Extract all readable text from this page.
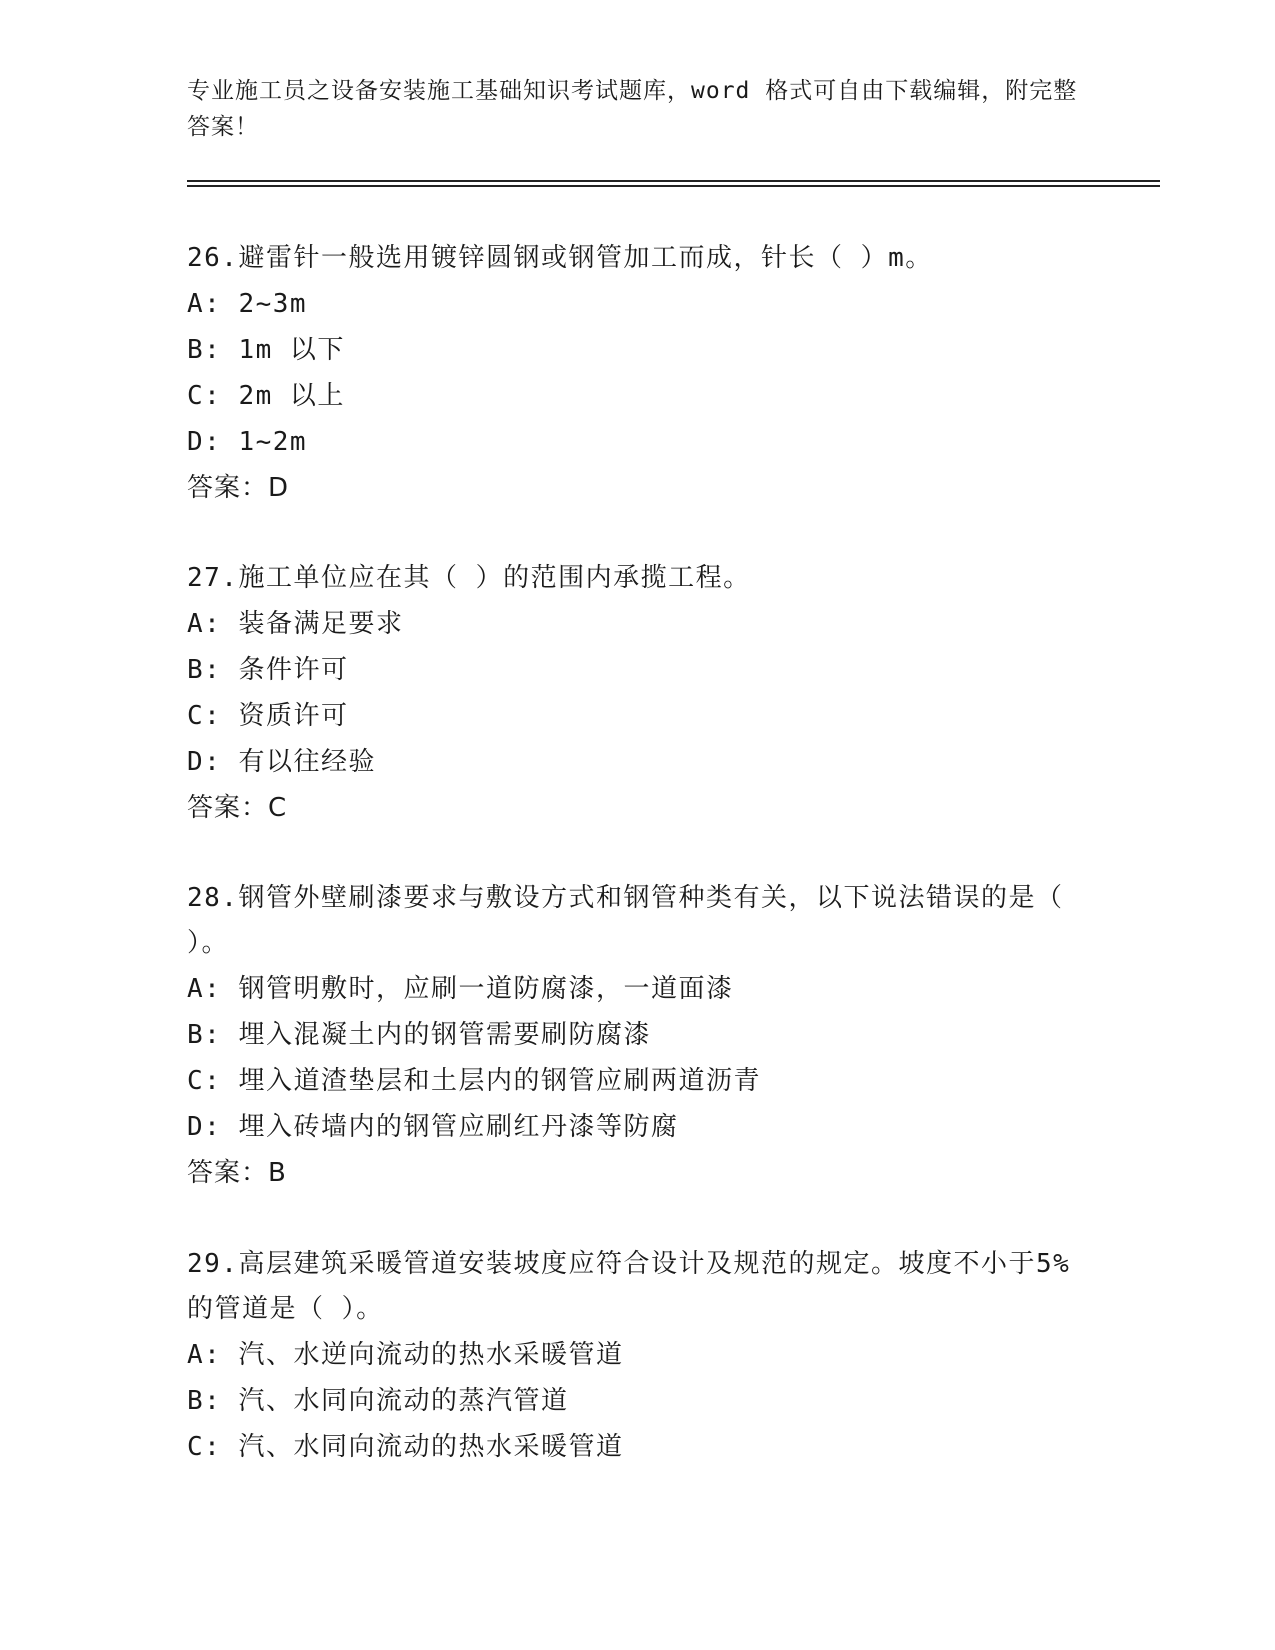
专业施工员之设备安装施工基础知识考试题库，word 格式可自由下载编辑，附完整答案！
26.避雷针一般选用镀锌圆钢或钢管加工而成，针长（ ）m。
A: 2~3m
B: 1m 以下
C: 2m 以上
D: 1~2m
答案：D
27.施工单位应在其（ ）的范围内承揽工程。
A: 装备满足要求
B: 条件许可
C: 资质许可
D: 有以往经验
答案：C
28.钢管外壁刷漆要求与敷设方式和钢管种类有关，以下说法错误的是（ ）。
A: 钢管明敷时，应刷一道防腐漆，一道面漆
B: 埋入混凝土内的钢管需要刷防腐漆
C: 埋入道渣垫层和土层内的钢管应刷两道沥青
D: 埋入砖墙内的钢管应刷红丹漆等防腐
答案：B
29.高层建筑采暖管道安装坡度应符合设计及规范的规定。坡度不小于5%的管道是（ ）。
A: 汽、水逆向流动的热水采暖管道
B: 汽、水同向流动的蒸汽管道
C: 汽、水同向流动的热水采暖管道
